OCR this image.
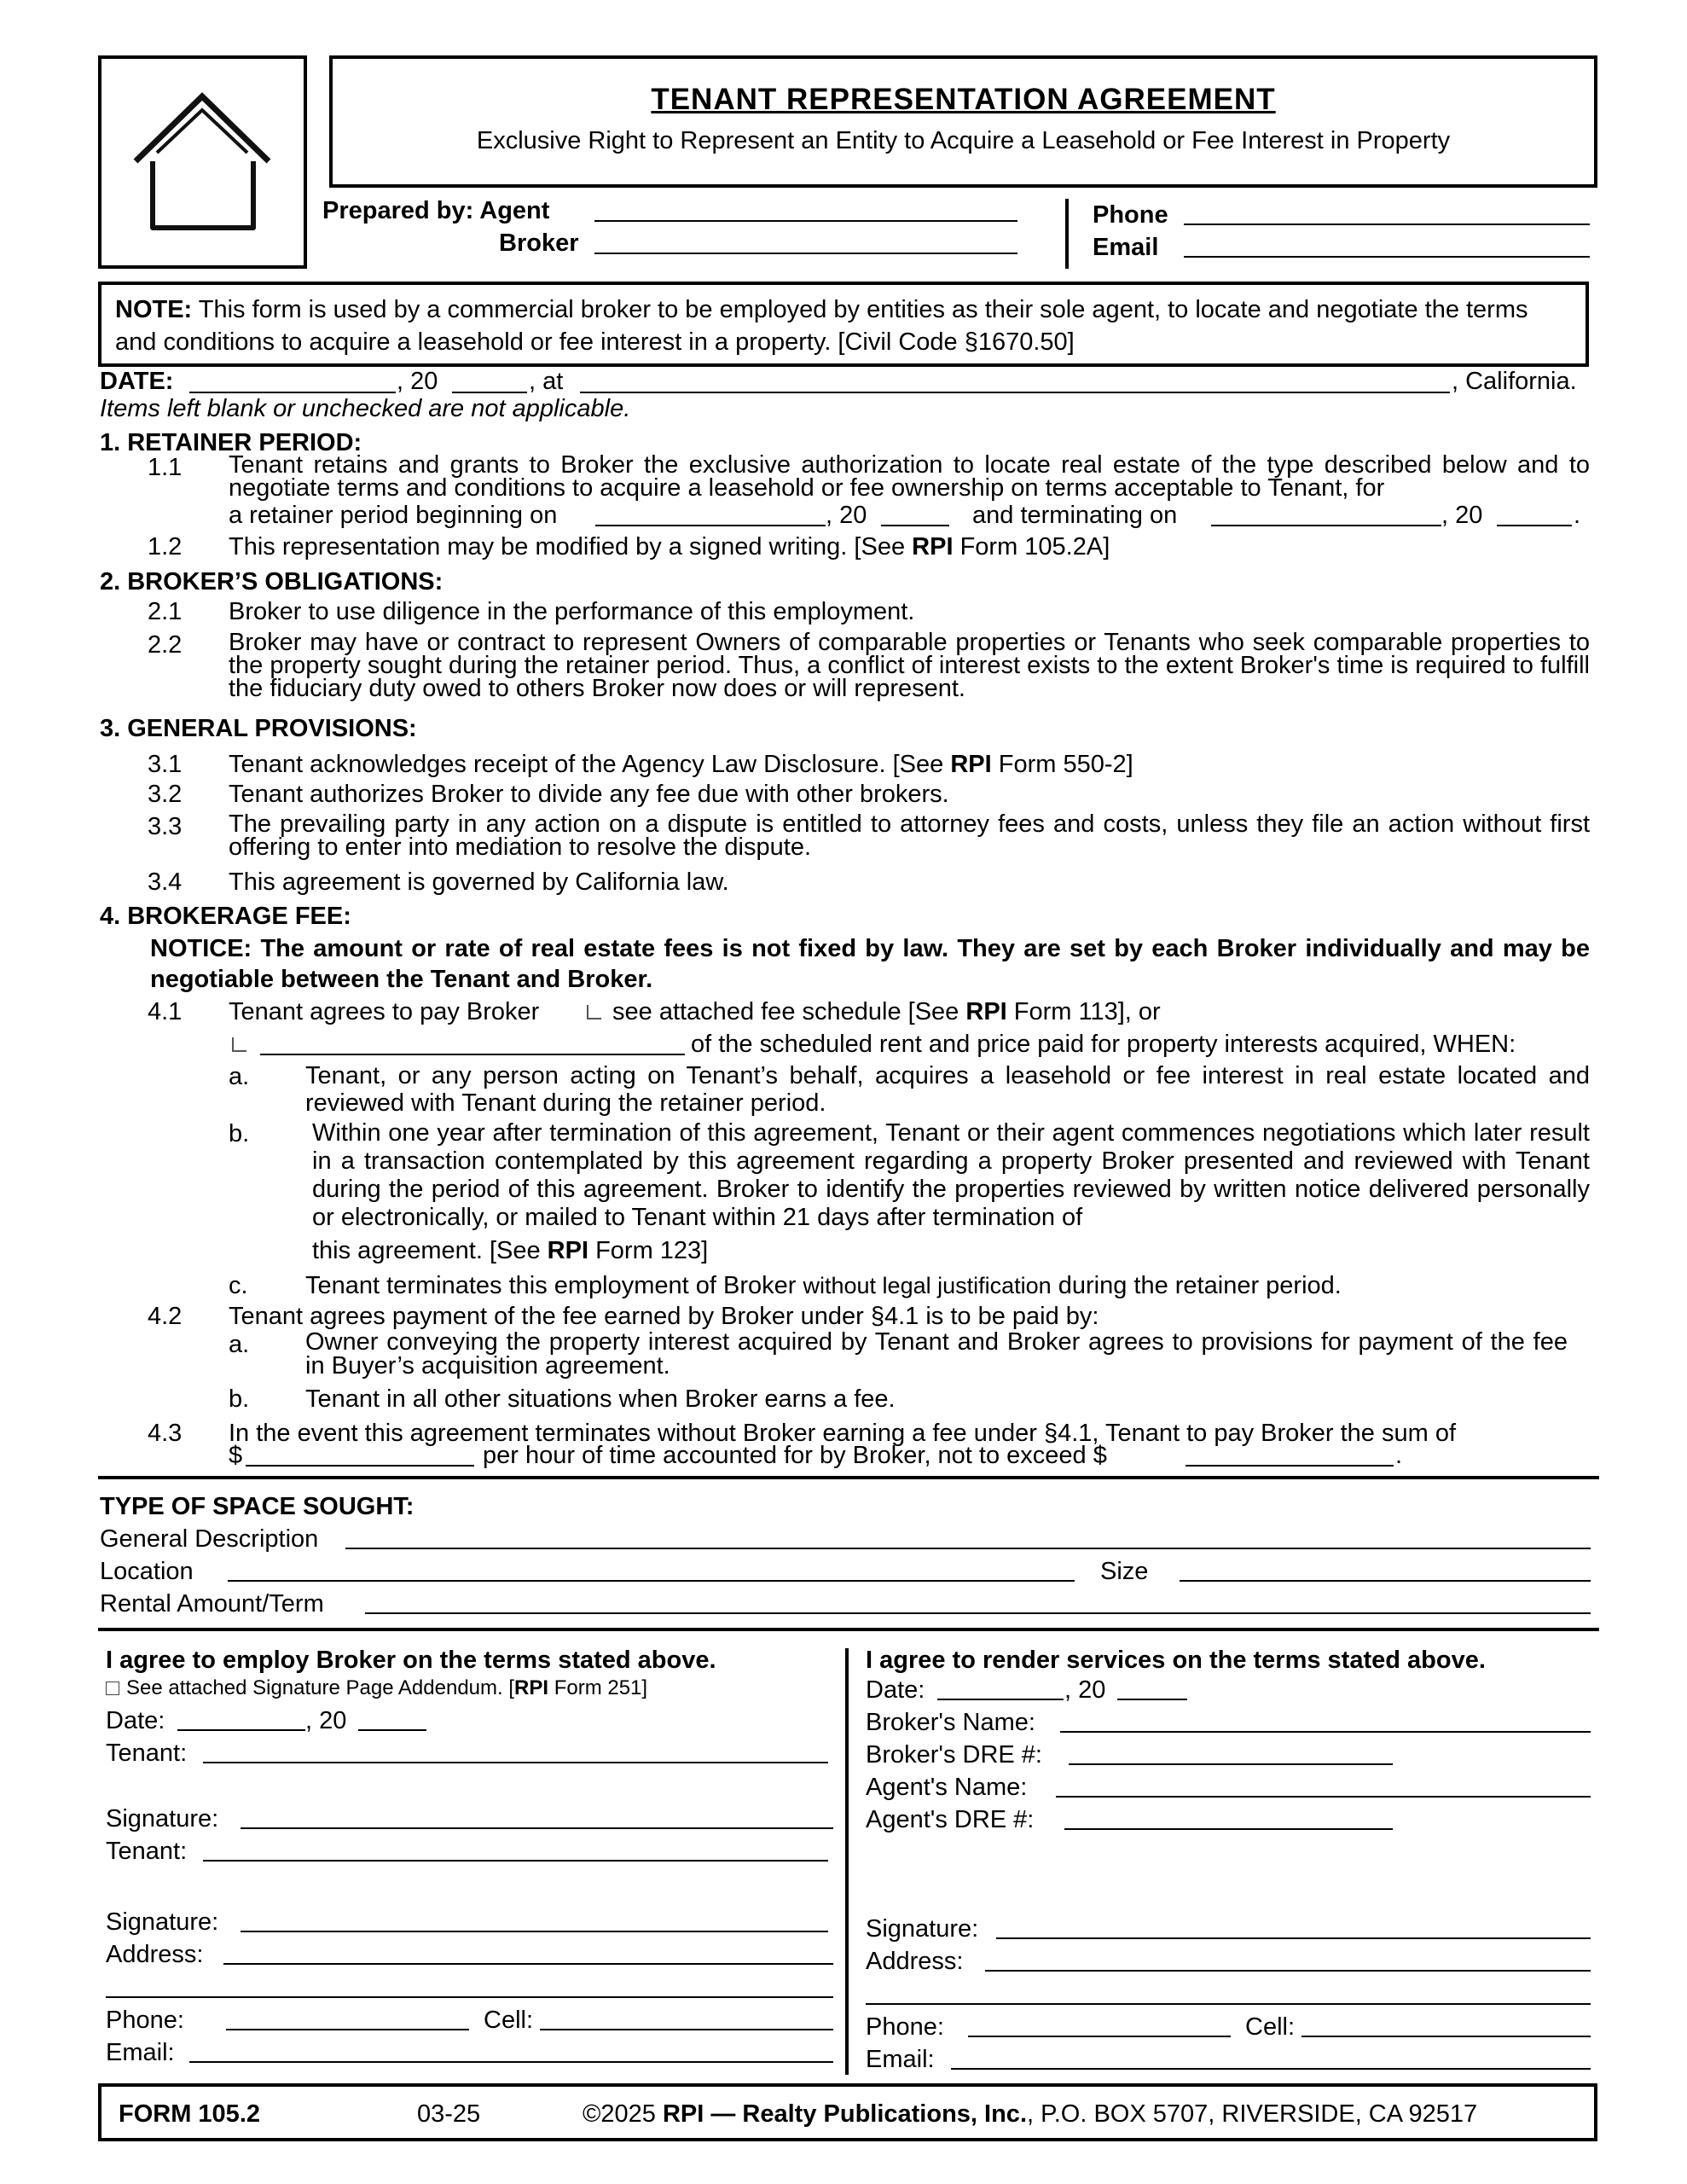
TENANT REPRESENTATION AGREEMENT
Exclusive Right to Represent an Entity to Acquire a Leasehold or Fee Interest in Property
Prepared by: Agent
Broker
Phone
Email
NOTE: This form is used by a commercial broker to be employed by entities as their sole agent, to locate and negotiate the terms and conditions to acquire a leasehold or fee interest in a property. [Civil Code §1670.50]
DATE:	, 20	, at	, California.
Items left blank or unchecked are not applicable.
1. RETAINER PERIOD:
1.1 Tenant retains and grants to Broker the exclusive authorization to locate real estate of the type described below and to negotiate terms and conditions to acquire a leasehold or fee ownership on terms acceptable to Tenant, for
a retainer period beginning on	, 20	and terminating on	, 20	.
1.2 This representation may be modified by a signed writing. [See RPI Form 105.2A]
2. BROKER’S OBLIGATIONS:
2.1 Broker to use diligence in the performance of this employment.
2.2 Broker may have or contract to represent Owners of comparable properties or Tenants who seek comparable properties to the property sought during the retainer period. Thus, a conflict of interest exists to the extent Broker's time is required to fulfill the fiduciary duty owed to others Broker now does or will represent.
3. GENERAL PROVISIONS:
3.1 Tenant acknowledges receipt of the Agency Law Disclosure. [See RPI Form 550-2]
3.2 Tenant authorizes Broker to divide any fee due with other brokers.
3.3 The prevailing party in any action on a dispute is entitled to attorney fees and costs, unless they file an action without first offering to enter into mediation to resolve the dispute.
3.4 This agreement is governed by California law.
4. BROKERAGE FEE:
NOTICE: The amount or rate of real estate fees is not fixed by law. They are set by each Broker individually and may be negotiable between the Tenant and Broker.
4.1 Tenant agrees to pay Broker	see attached fee schedule [See RPI Form 113], or
of the scheduled rent and price paid for property interests acquired, WHEN:
a. Tenant, or any person acting on Tenant’s behalf, acquires a leasehold or fee interest in real estate located and reviewed with Tenant during the retainer period.
b.	Within one year after termination of this agreement, Tenant or their agent commences negotiations which later result in a transaction contemplated by this agreement regarding a property Broker presented and reviewed with Tenant during the period of this agreement. Broker to identify the properties reviewed by written notice delivered personally or electronically, or mailed to Tenant within 21 days after termination of
this agreement. [See RPI Form 123]
c. Tenant terminates this employment of Broker without legal justification during the retainer period.
4.2 Tenant agrees payment of the fee earned by Broker under §4.1 is to be paid by:
a. Owner conveying the property interest acquired by Tenant and Broker agrees to provisions for payment of the fee in Buyer’s acquisition agreement.
b. Tenant in all other situations when Broker earns a fee.
4.3 In the event this agreement terminates without Broker earning a fee under §4.1, Tenant to pay Broker the sum of
$	per hour of time accounted for by Broker, not to exceed $	.
TYPE OF SPACE SOUGHT:
General Description
Location	Size
Rental Amount/Term
I agree to employ Broker on the terms stated above.
See attached Signature Page Addendum. [RPI Form 251]
Date:	, 20
Tenant:
Signature:
Tenant:
Signature:
Address:
Phone:	Cell:
Email:
I agree to render services on the terms stated above.
Date:	, 20
Broker's Name:
Broker's DRE #:
Agent's Name:
Agent's DRE #:
Signature:
Address:
Phone:	Cell:
Email:
FORM 105.2	03-25	©2025 RPI — Realty Publications, Inc., P.O. BOX 5707, RIVERSIDE, CA 92517
